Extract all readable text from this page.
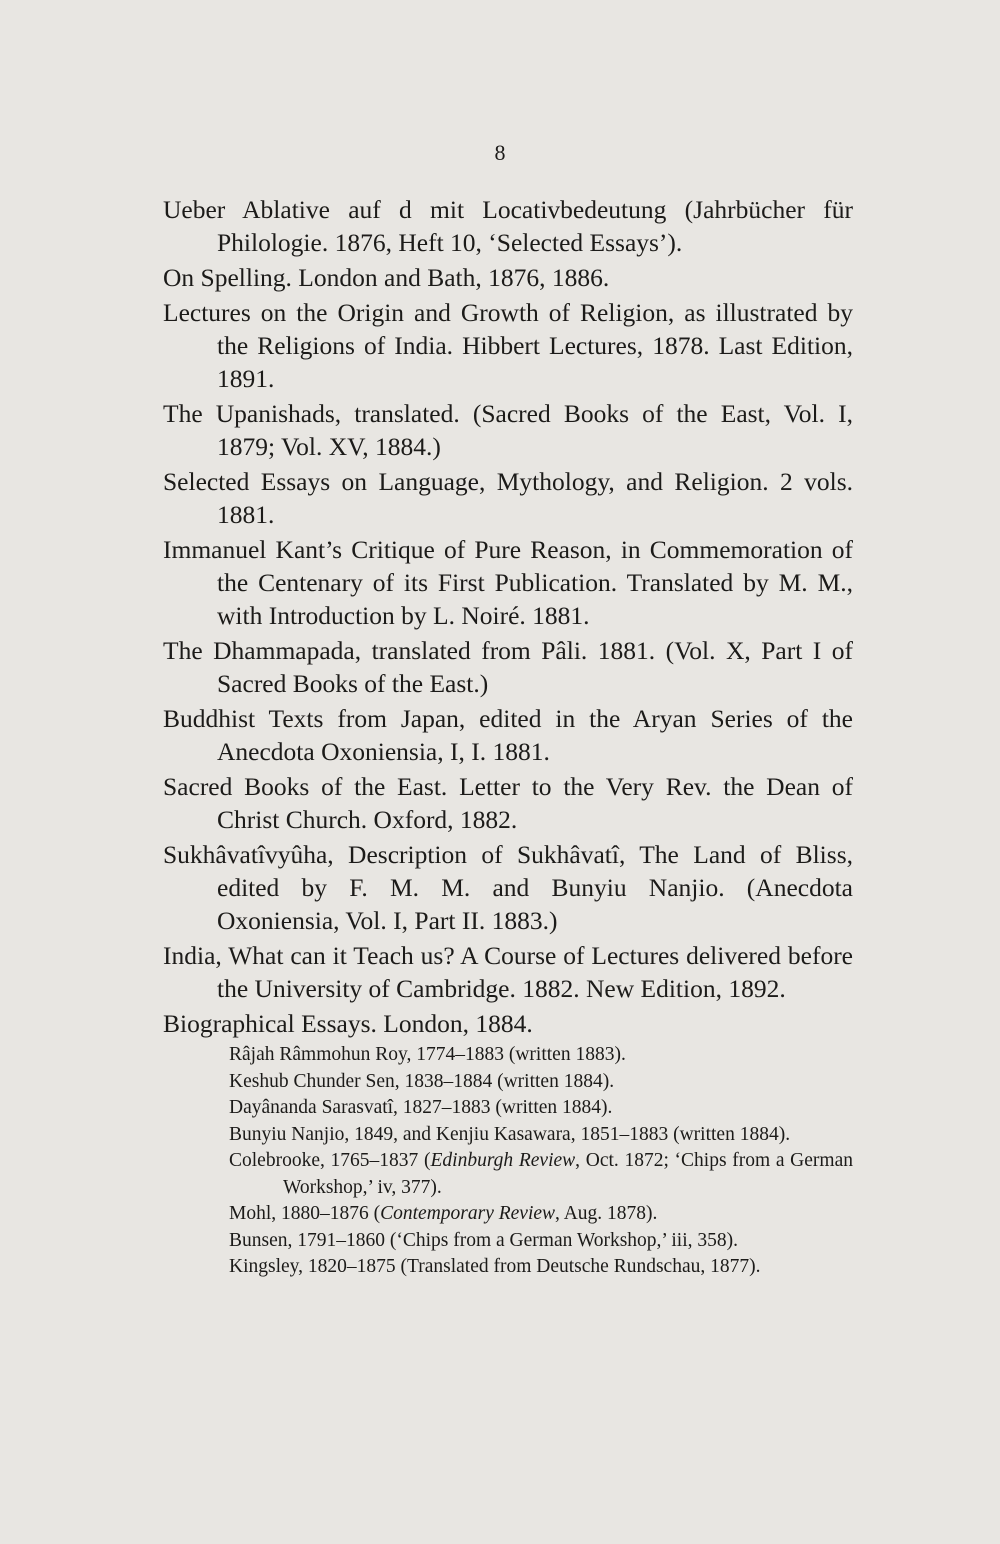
8

Ueber Ablative auf d mit Locativbedeutung (Jahrbücher für Philologie. 1876, Heft 10, ‘Selected Essays’).

On Spelling. London and Bath, 1876, 1886.

Lectures on the Origin and Growth of Religion, as illustrated by the Religions of India. Hibbert Lectures, 1878. Last Edition, 1891.

The Upanishads, translated. (Sacred Books of the East, Vol. I, 1879; Vol. XV, 1884.)

Selected Essays on Language, Mythology, and Religion. 2 vols. 1881.

Immanuel Kant’s Critique of Pure Reason, in Commemoration of the Centenary of its First Publication. Translated by M. M., with Introduction by L. Noiré. 1881.

The Dhammapada, translated from Pâli. 1881. (Vol. X, Part I of Sacred Books of the East.)

Buddhist Texts from Japan, edited in the Aryan Series of the Anecdota Oxoniensia, I, I. 1881.

Sacred Books of the East. Letter to the Very Rev. the Dean of Christ Church. Oxford, 1882.

Sukhâvatîvyûha, Description of Sukhâvatî, The Land of Bliss, edited by F. M. M. and Bunyiu Nanjio. (Anecdota Oxoniensia, Vol. I, Part II. 1883.)

India, What can it Teach us? A Course of Lectures delivered before the University of Cambridge. 1882. New Edition, 1892.

Biographical Essays. London, 1884.

Râjah Râmmohun Roy, 1774–1883 (written 1883).

Keshub Chunder Sen, 1838–1884 (written 1884).

Dayânanda Sarasvatî, 1827–1883 (written 1884).

Bunyiu Nanjio, 1849, and Kenjiu Kasawara, 1851–1883 (written 1884).

Colebrooke, 1765–1837 (Edinburgh Review, Oct. 1872; ‘Chips from a German Workshop,’ iv, 377).

Mohl, 1880–1876 (Contemporary Review, Aug. 1878).

Bunsen, 1791–1860 (‘Chips from a German Workshop,’ iii, 358).

Kingsley, 1820–1875 (Translated from Deutsche Rundschau, 1877).
